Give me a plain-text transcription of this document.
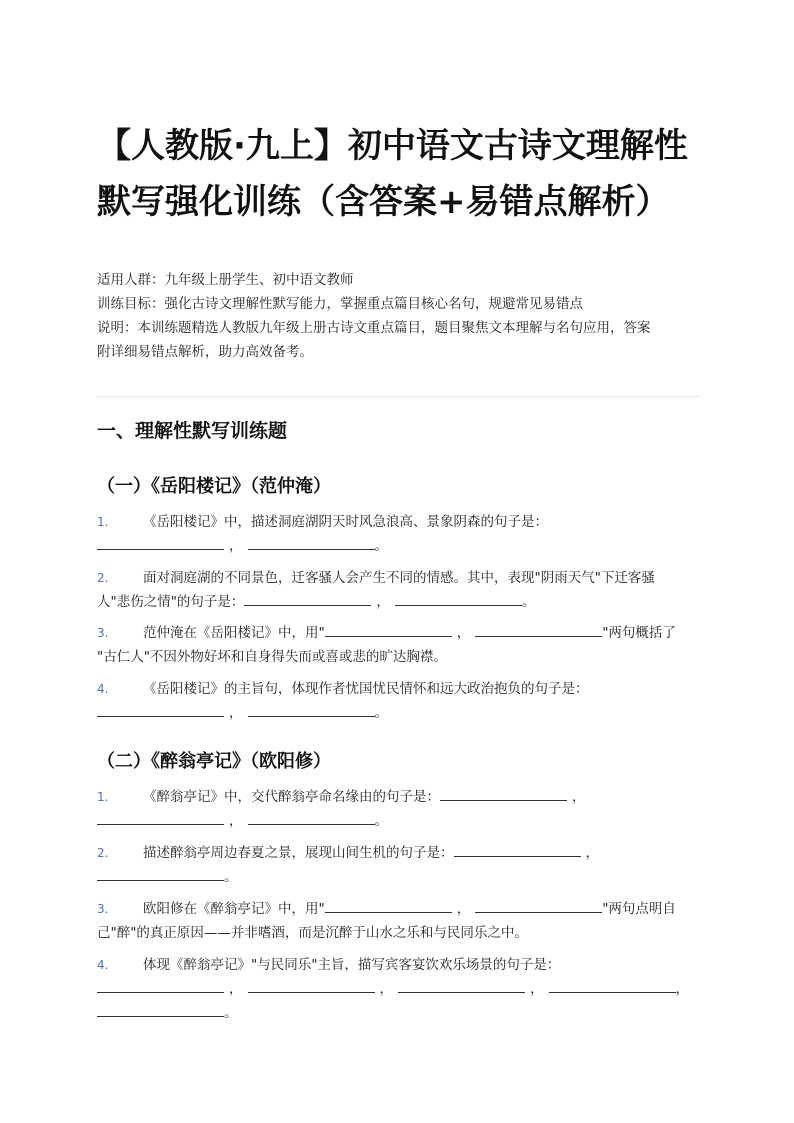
【人教版·九上】初中语文古诗文理解性
默写强化训练（含答案+易错点解析）
适用人群：九年级上册学生、初中语文教师
训练目标：强化古诗文理解性默写能力，掌握重点篇目核心名句，规避常见易错点
说明：本训练题精选人教版九年级上册古诗文重点篇目，题目聚焦文本理解与名句应用，答案
附详细易错点解析，助力高效备考。
一、理解性默写训练题
（一）《岳阳楼记》（范仲淹）
1.	《岳阳楼记》中，描述洞庭湖阴天时风急浪高、景象阴森的句子是：
，	。
2.	面对洞庭湖的不同景色，迁客骚人会产生不同的情感。其中，表现"阴雨天气"下迁客骚
人"悲伤之情"的句子是：	，	。
3.	范仲淹在《岳阳楼记》中，用"	，	"两句概括了
"古仁人"不因外物好坏和自身得失而或喜或悲的旷达胸襟。
4.	《岳阳楼记》的主旨句，体现作者忧国忧民情怀和远大政治抱负的句子是：
，	。
（二）《醉翁亭记》（欧阳修）
1.	《醉翁亭记》中，交代醉翁亭命名缘由的句子是：	，
，	。
2.	描述醉翁亭周边春夏之景，展现山间生机的句子是：	，
。
3.	欧阳修在《醉翁亭记》中，用"	，	"两句点明自
己"醉"的真正原因——并非嗜酒，而是沉醉于山水之乐和与民同乐之中。
4.	体现《醉翁亭记》"与民同乐"主旨，描写宾客宴饮欢乐场景的句子是：
，	，	，	，
。
